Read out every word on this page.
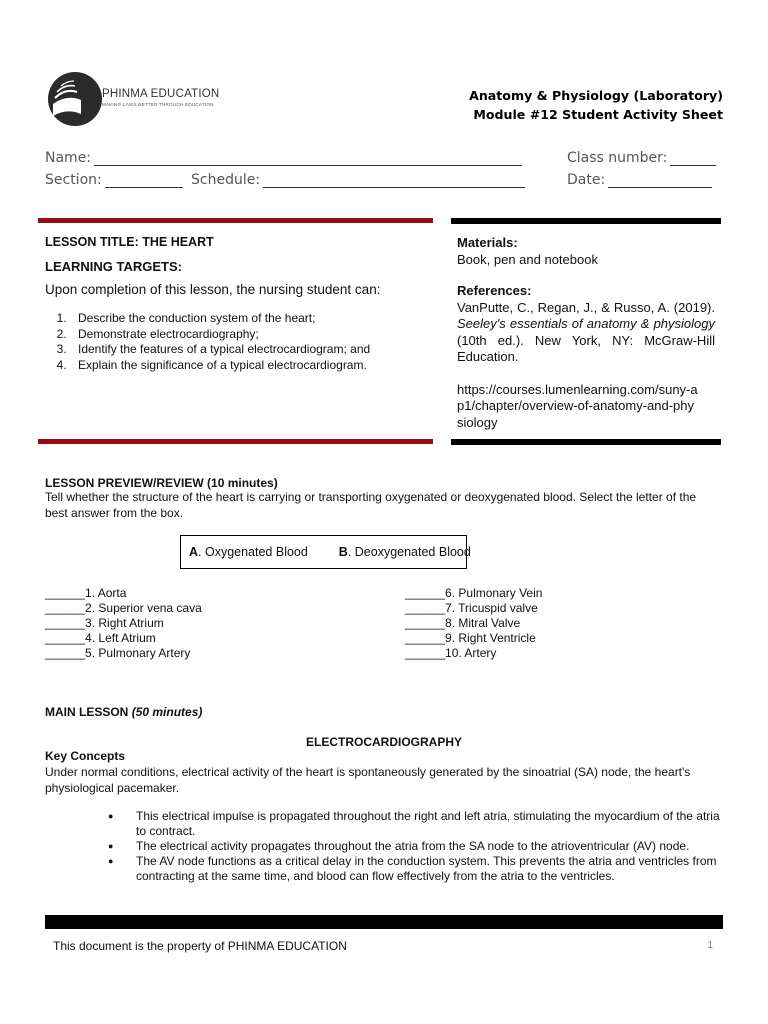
PHINMA EDUCATION
MAKING LIVES BETTER THROUGH EDUCATION
Anatomy & Physiology (Laboratory)
Module #12 Student Activity Sheet
Name:	Class number:
Section:	Schedule:	Date:
LESSON TITLE: THE HEART
LEARNING TARGETS:
Upon completion of this lesson, the nursing student can:
1. Describe the conduction system of the heart;
2. Demonstrate electrocardiography;
3. Identify the features of a typical electrocardiogram; and
4. Explain the significance of a typical electrocardiogram.
Materials:
Book, pen and notebook
References:
VanPutte, C., Regan, J., & Russo, A. (2019). Seeley's essentials of anatomy & physiology (10th ed.). New York, NY: McGraw-Hill Education.
https://courses.lumenlearning.com/suny-a
p1/chapter/overview-of-anatomy-and-phy
siology
LESSON PREVIEW/REVIEW (10 minutes)
Tell whether the structure of the heart is carrying or transporting oxygenated or deoxygenated blood. Select the letter of the best answer from the box.
A. Oxygenated Blood B. Deoxygenated Blood
______1. Aorta
______2. Superior vena cava
______3. Right Atrium
______4. Left Atrium
______5. Pulmonary Artery
______6. Pulmonary Vein
______7. Tricuspid valve
______8. Mitral Valve
______9. Right Ventricle
______10. Artery
MAIN LESSON (50 minutes)
ELECTROCARDIOGRAPHY
Key Concepts
Under normal conditions, electrical activity of the heart is spontaneously generated by the sinoatrial (SA) node, the heart's physiological pacemaker.
● This electrical impulse is propagated throughout the right and left atria, stimulating the myocardium of the atria to contract.
● The electrical activity propagates throughout the atria from the SA node to the atrioventricular (AV) node.
● The AV node functions as a critical delay in the conduction system. This prevents the atria and ventricles from contracting at the same time, and blood can flow effectively from the atria to the ventricles.
This document is the property of PHINMA EDUCATION	1
